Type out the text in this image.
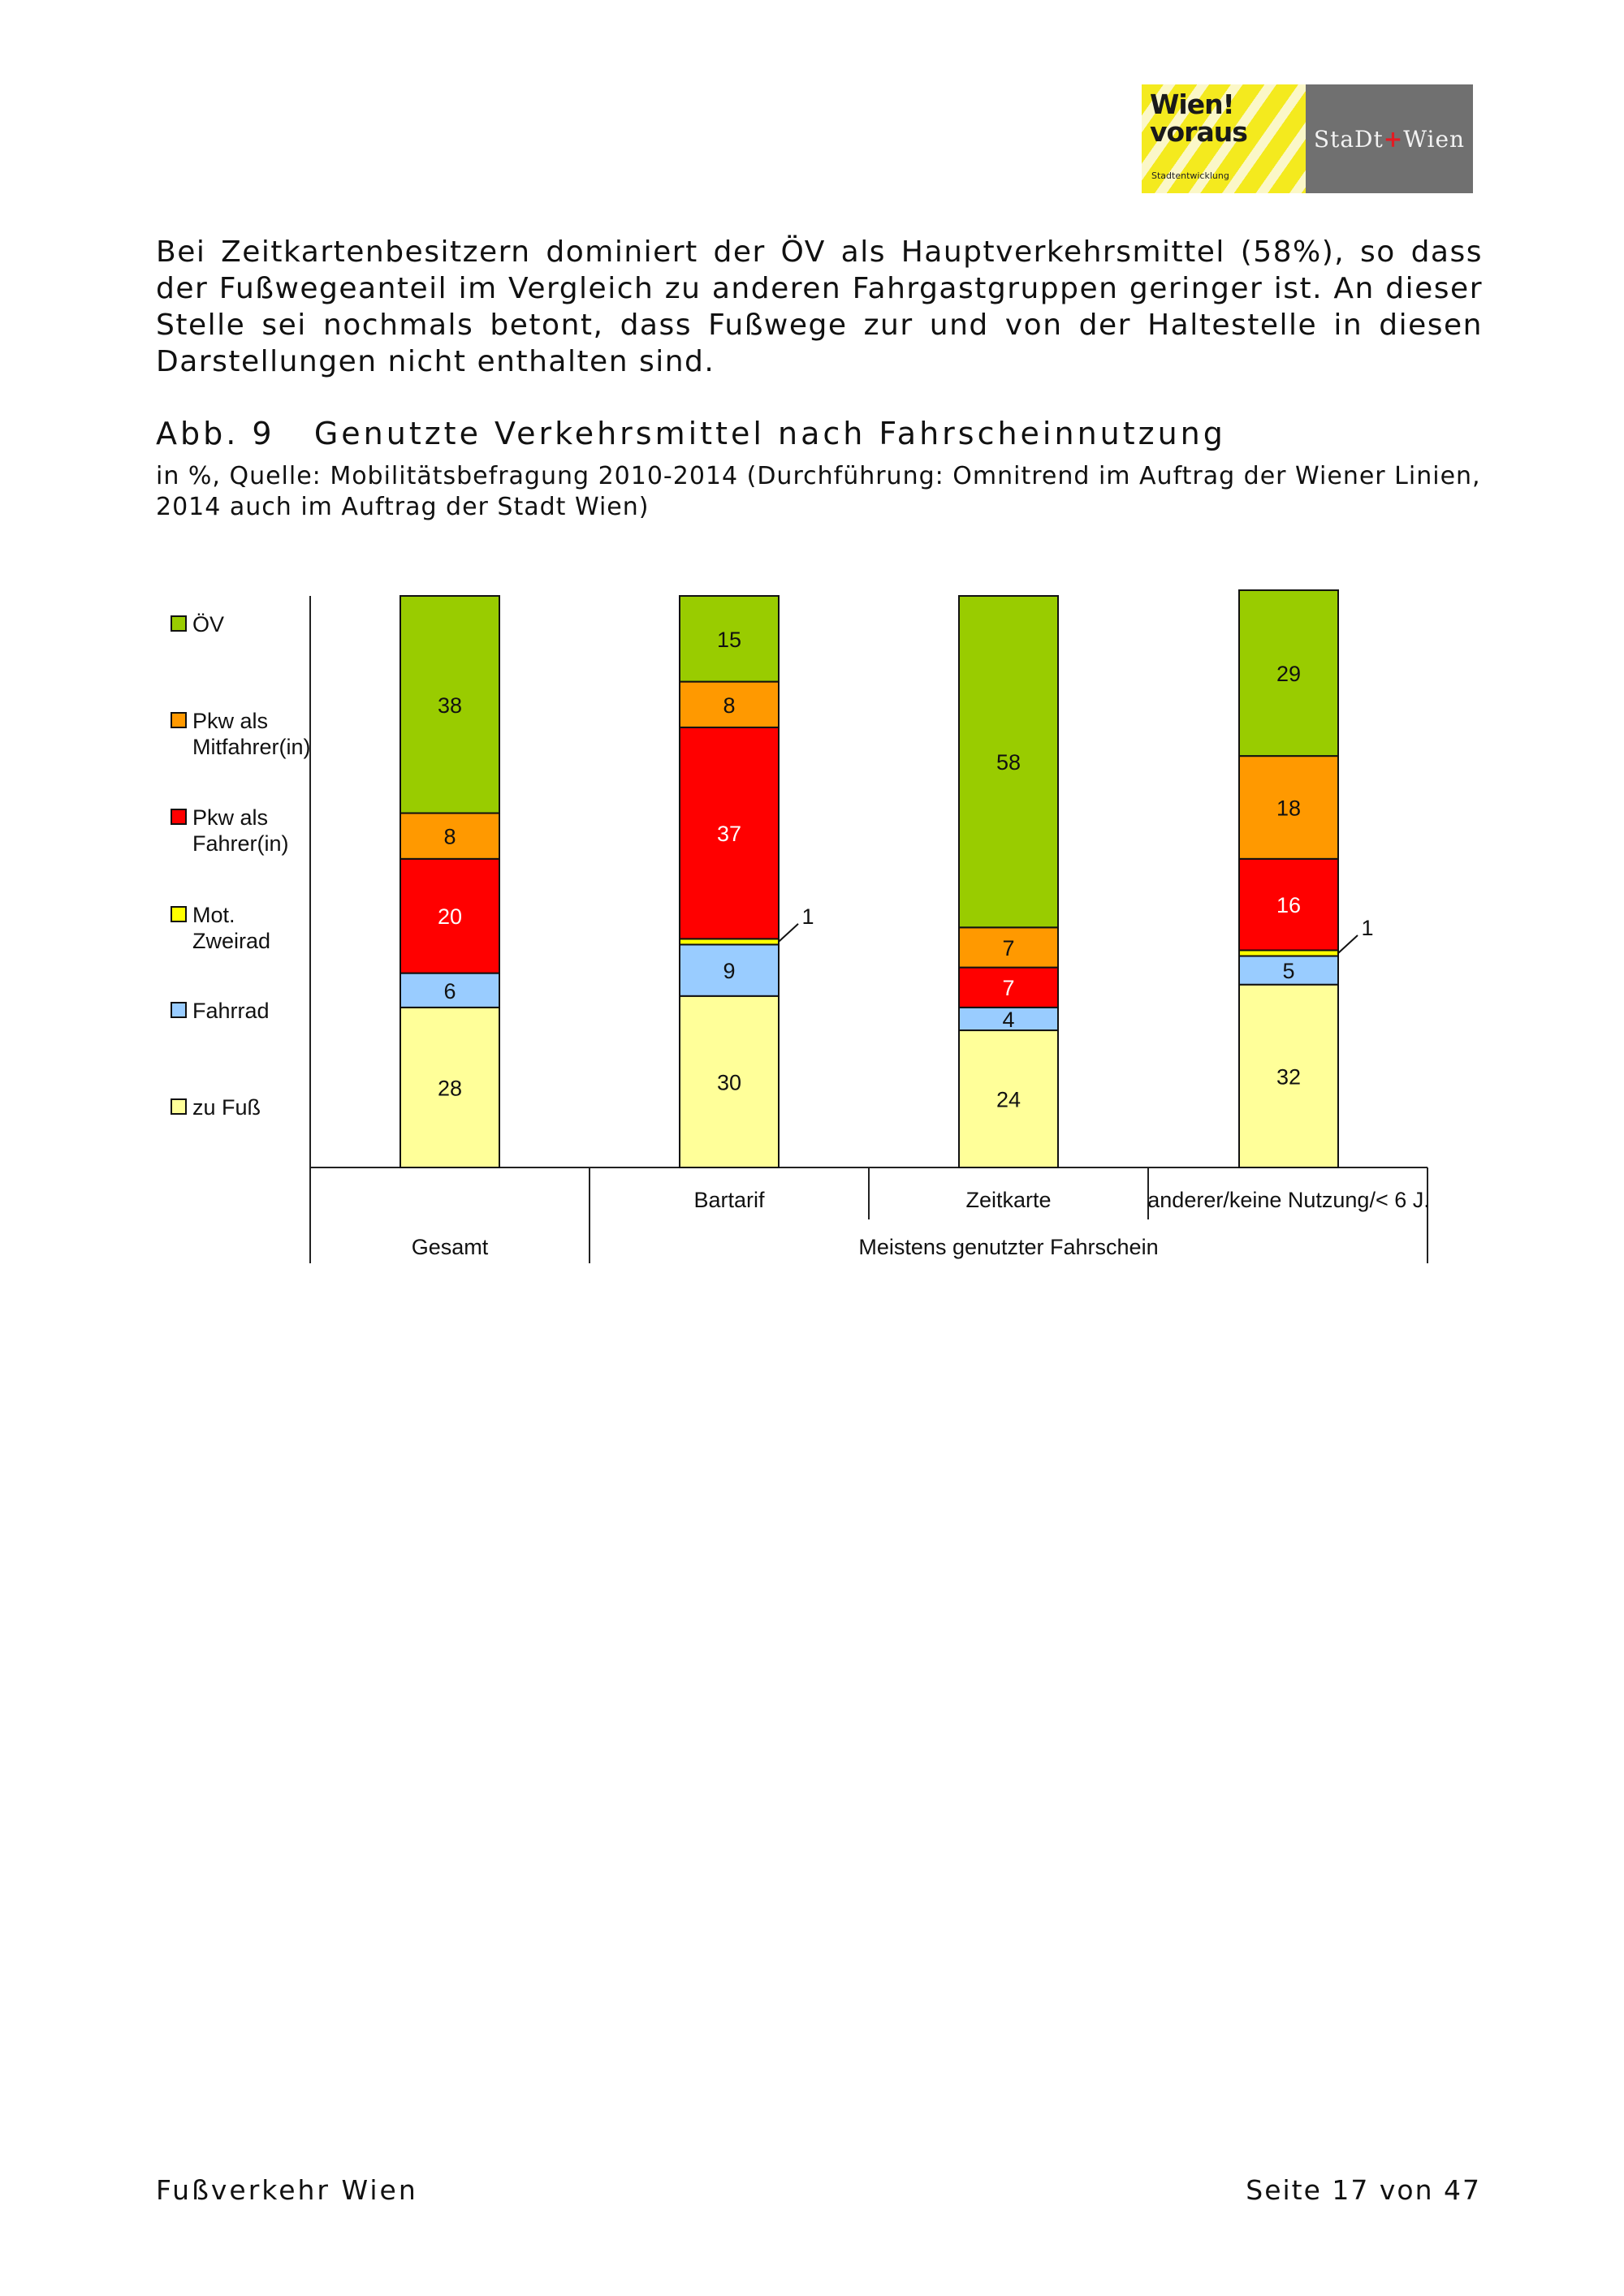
Wien!
voraus
Stadtentwicklung
StaDt+Wien

Bei Zeitkartenbesitzern dominiert der ÖV als Hauptverkehrsmittel (58%), so dass der Fußwegeanteil im Vergleich zu anderen Fahrgastgruppen geringer ist. An dieser Stelle sei nochmals betont, dass Fußwege zur und von der Haltestelle in diesen Darstellungen nicht enthalten sind.

Abb. 9 Genutzte Verkehrsmittel nach Fahrscheinnutzung

in %, Quelle: Mobilitätsbefragung 2010-2014 (Durchführung: Omnitrend im Auftrag der Wiener Linien, 2014 auch im Auftrag der Stadt Wien)

Bartarif	Zeitkarte	anderer/keine Nutzung/< 6 J.
Gesamt	Meistens genutzter Fahrschein
28
6
20
8
38
30
9
1
37
8
15
24
4
7
7
58
32
5
1
16
18
29
ÖV
Pkw als
Mitfahrer(in)
Pkw als
Fahrer(in)
Mot.
Zweirad
Fahrrad
zu Fuß
Fußverkehr Wien	Seite 17 von 47
